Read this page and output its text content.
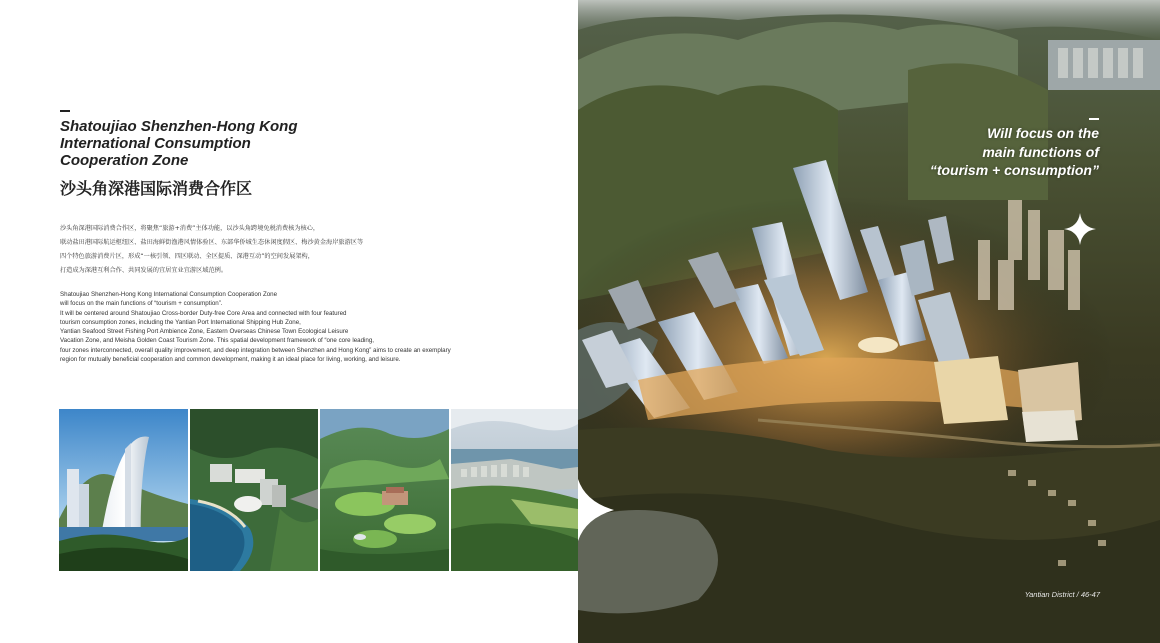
Shatoujiao Shenzhen-Hong Kong
International Consumption
Cooperation Zone
沙头角深港国际消费合作区
沙头角深港国际消费合作区，将聚焦“旅游+消费”主体功能，以沙头角跨境免税消费核为核心，
联动盐田港国际航运枢纽区、盐田海鲜街渔港风情体验区、东部华侨城生态休闲度假区、梅沙黄金海岸旅游区等
四个特色旅游消费片区，形成“一核引领、四区联动、全区提质、深港互动”的空间发展架构，
打造成为深港互利合作、共同发展的宜居宜业宜游区域范例。
Shatoujiao Shenzhen-Hong Kong International Consumption Cooperation Zone
will focus on the main functions of “tourism + consumption”.
It will be centered around Shatoujiao Cross-border Duty-free Core Area and connected with four featured
tourism consumption zones, including the Yantian Port International Shipping Hub Zone,
Yantian Seafood Street Fishing Port Ambience Zone, Eastern Overseas Chinese Town Ecological Leisure
Vacation Zone, and Meisha Golden Coast Tourism Zone. This spatial development framework of “one core leading,
four zones interconnected, overall quality improvement, and deep integration between Shenzhen and Hong Kong” aims to create an exemplary
region for mutually beneficial cooperation and common development, making it an ideal place for living, working, and leisure.
Will focus on the
main functions of
“tourism + consumption”
Yantian District / 46-47
